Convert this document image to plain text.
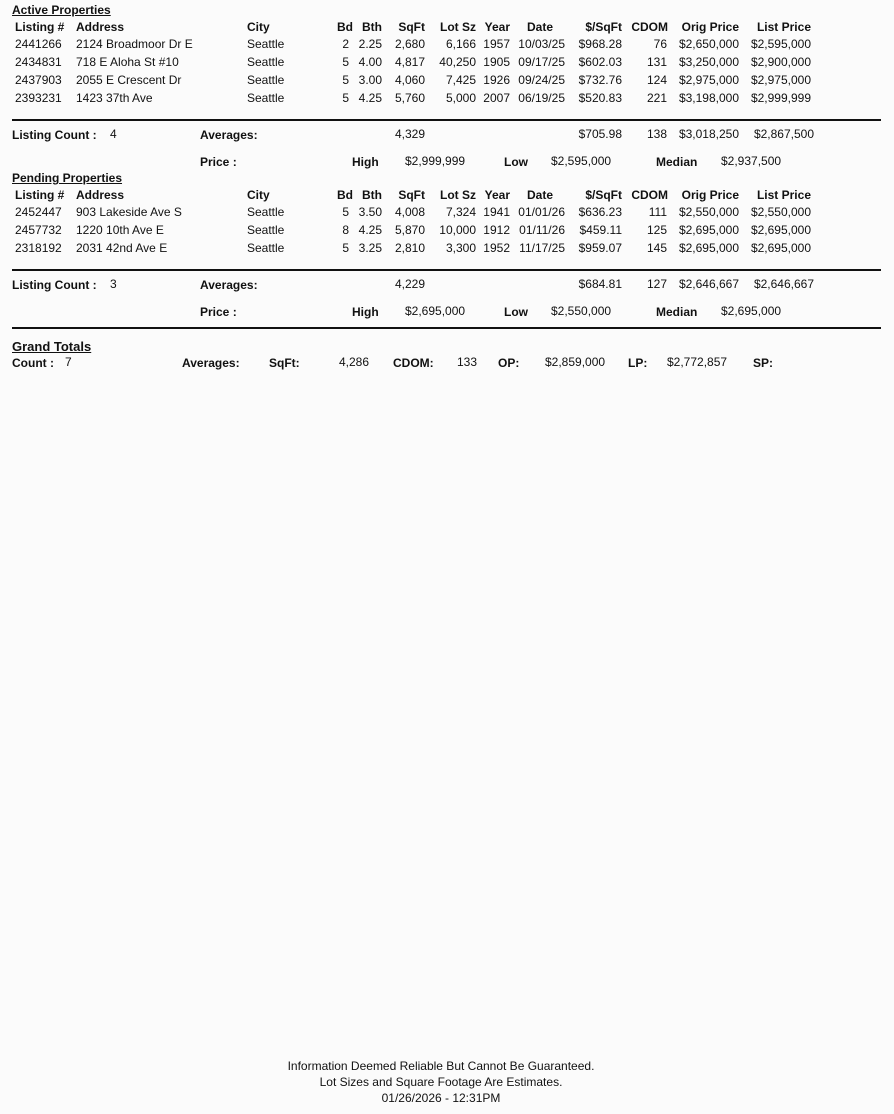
Active Properties
Listing # Address	City	Bd Bth	SqFt	Lot Sz Year	Date	$/SqFt CDOM	Orig Price	List Price
2441266 2124 Broadmoor Dr E	Seattle	2 2.25	2,680	6,166 1957 10/03/25	$968.28	76 $2,650,000 $2,595,000
2434831 718 E Aloha St #10	Seattle	5 4.00	4,817	40,250 1905 09/17/25	$602.03	131 $3,250,000 $2,900,000
2437903 2055 E Crescent Dr	Seattle	5 3.00	4,060	7,425 1926 09/24/25	$732.76	124 $2,975,000 $2,975,000
2393231 1423 37th Ave	Seattle	5 4.25	5,760	5,000 2007 06/19/25	$520.83	221 $3,198,000 $2,999,999
Listing Count : 4	Averages:	4,329	$705.98	138 $3,018,250	$2,867,500
Price :	High $2,999,999	Low $2,595,000	Median $2,937,500
Pending Properties
Listing # Address	City	Bd Bth	SqFt	Lot Sz Year	Date	$/SqFt CDOM	Orig Price	List Price
2452447 903 Lakeside Ave S	Seattle	5 3.50	4,008	7,324 1941 01/01/26	$636.23	111 $2,550,000 $2,550,000
2457732 1220 10th Ave E	Seattle	8 4.25	5,870	10,000 1912 01/11/26	$459.11	125 $2,695,000 $2,695,000
2318192 2031 42nd Ave E	Seattle	5 3.25	2,810	3,300 1952 11/17/25	$959.07	145 $2,695,000 $2,695,000
Listing Count : 3	Averages:	4,229	$684.81	127 $2,646,667	$2,646,667
Price :	High $2,695,000	Low $2,550,000	Median $2,695,000
Grand Totals
Count : 7	Averages: SqFt:	4,286 CDOM: 133 OP: $2,859,000 LP: $2,772,857 SP:
Information Deemed Reliable But Cannot Be Guaranteed.
Lot Sizes and Square Footage Are Estimates.
01/26/2026 - 12:31PM
